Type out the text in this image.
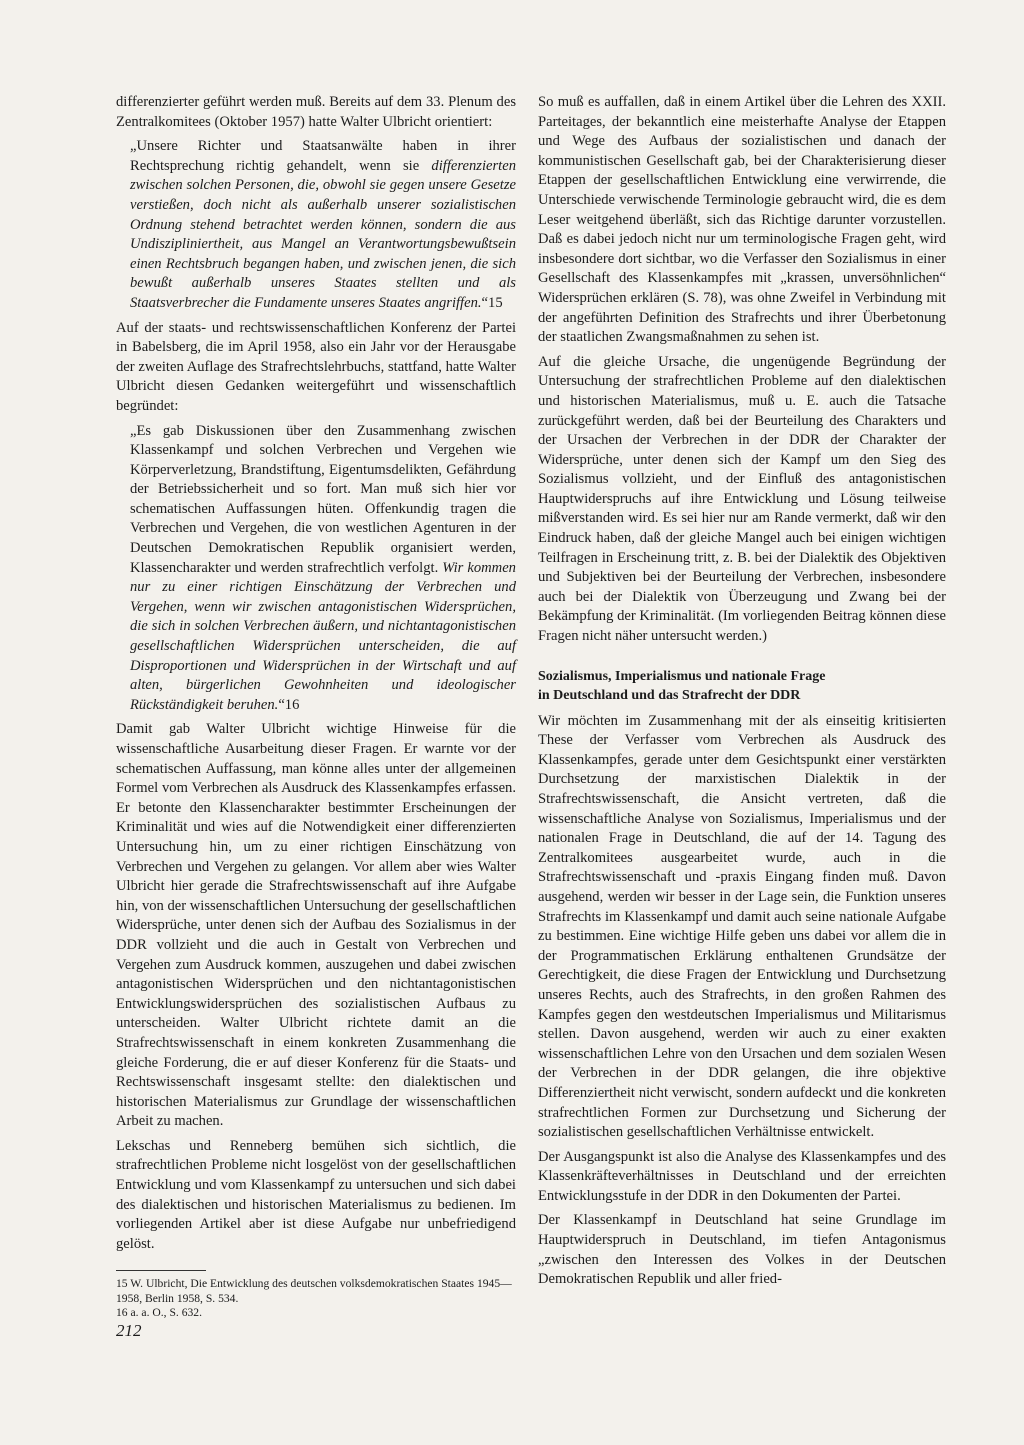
differenzierter geführt werden muß. Bereits auf dem 33. Plenum des Zentralkomitees (Oktober 1957) hatte Walter Ulbricht orientiert:

„Unsere Richter und Staatsanwälte haben in ihrer Rechtsprechung richtig gehandelt, wenn sie differenzierten zwischen solchen Personen, die, obwohl sie gegen unsere Gesetze verstießen, doch nicht als außerhalb unserer sozialistischen Ordnung stehend betrachtet werden können, sondern die aus Undiszipliniertheit, aus Mangel an Verantwortungsbewußtsein einen Rechtsbruch begangen haben, und zwischen jenen, die sich bewußt außerhalb unseres Staates stellten und als Staatsverbrecher die Fundamente unseres Staates angriffen.“15

Auf der staats- und rechtswissenschaftlichen Konferenz der Partei in Babelsberg, die im April 1958, also ein Jahr vor der Herausgabe der zweiten Auflage des Strafrechtslehrbuchs, stattfand, hatte Walter Ulbricht diesen Gedanken weitergeführt und wissenschaftlich begründet:

„Es gab Diskussionen über den Zusammenhang zwischen Klassenkampf und solchen Verbrechen und Vergehen wie Körperverletzung, Brandstiftung, Eigentumsdelikten, Gefährdung der Betriebssicherheit und so fort. Man muß sich hier vor schematischen Auffassungen hüten. Offenkundig tragen die Verbrechen und Vergehen, die von westlichen Agenturen in der Deutschen Demokratischen Republik organisiert werden, Klassencharakter und werden strafrechtlich verfolgt. Wir kommen nur zu einer richtigen Einschätzung der Verbrechen und Vergehen, wenn wir zwischen antagonistischen Widersprüchen, die sich in solchen Verbrechen äußern, und nichtantagonistischen gesellschaftlichen Widersprüchen unterscheiden, die auf Disproportionen und Widersprüchen in der Wirtschaft und auf alten, bürgerlichen Gewohnheiten und ideologischer Rückständigkeit beruhen.“16

Damit gab Walter Ulbricht wichtige Hinweise für die wissenschaftliche Ausarbeitung dieser Fragen. Er warnte vor der schematischen Auffassung, man könne alles unter der allgemeinen Formel vom Verbrechen als Ausdruck des Klassenkampfes erfassen. Er betonte den Klassencharakter bestimmter Erscheinungen der Kriminalität und wies auf die Notwendigkeit einer differenzierten Untersuchung hin, um zu einer richtigen Einschätzung von Verbrechen und Vergehen zu gelangen. Vor allem aber wies Walter Ulbricht hier gerade die Strafrechtswissenschaft auf ihre Aufgabe hin, von der wissenschaftlichen Untersuchung der gesellschaftlichen Widersprüche, unter denen sich der Aufbau des Sozialismus in der DDR vollzieht und die auch in Gestalt von Verbrechen und Vergehen zum Ausdruck kommen, auszugehen und dabei zwischen antagonistischen Widersprüchen und den nichtantagonistischen Entwicklungswidersprüchen des sozialistischen Aufbaus zu unterscheiden. Walter Ulbricht richtete damit an die Strafrechtswissenschaft in einem konkreten Zusammenhang die gleiche Forderung, die er auf dieser Konferenz für die Staats- und Rechtswissenschaft insgesamt stellte: den dialektischen und historischen Materialismus zur Grundlage der wissenschaftlichen Arbeit zu machen.

Lekschas und Renneberg bemühen sich sichtlich, die strafrechtlichen Probleme nicht losgelöst von der gesellschaftlichen Entwicklung und vom Klassenkampf zu untersuchen und sich dabei des dialektischen und historischen Materialismus zu bedienen. Im vorliegenden Artikel aber ist diese Aufgabe nur unbefriedigend gelöst.

15 W. Ulbricht, Die Entwicklung des deutschen volksdemokratischen Staates 1945—1958, Berlin 1958, S. 534.

16 a. a. O., S. 632.

So muß es auffallen, daß in einem Artikel über die Lehren des XXII. Parteitages, der bekanntlich eine meisterhafte Analyse der Etappen und Wege des Aufbaus der sozialistischen und danach der kommunistischen Gesellschaft gab, bei der Charakterisierung dieser Etappen der gesellschaftlichen Entwicklung eine verwirrende, die Unterschiede verwischende Terminologie gebraucht wird, die es dem Leser weitgehend überläßt, sich das Richtige darunter vorzustellen. Daß es dabei jedoch nicht nur um terminologische Fragen geht, wird insbesondere dort sichtbar, wo die Verfasser den Sozialismus in einer Gesellschaft des Klassenkampfes mit „krassen, unversöhnlichen“ Widersprüchen erklären (S. 78), was ohne Zweifel in Verbindung mit der angeführten Definition des Strafrechts und ihrer Überbetonung der staatlichen Zwangsmaßnahmen zu sehen ist.

Auf die gleiche Ursache, die ungenügende Begründung der Untersuchung der strafrechtlichen Probleme auf den dialektischen und historischen Materialismus, muß u. E. auch die Tatsache zurückgeführt werden, daß bei der Beurteilung des Charakters und der Ursachen der Verbrechen in der DDR der Charakter der Widersprüche, unter denen sich der Kampf um den Sieg des Sozialismus vollzieht, und der Einfluß des antagonistischen Hauptwiderspruchs auf ihre Entwicklung und Lösung teilweise mißverstanden wird. Es sei hier nur am Rande vermerkt, daß wir den Eindruck haben, daß der gleiche Mangel auch bei einigen wichtigen Teilfragen in Erscheinung tritt, z. B. bei der Dialektik des Objektiven und Subjektiven bei der Beurteilung der Verbrechen, insbesondere auch bei der Dialektik von Überzeugung und Zwang bei der Bekämpfung der Kriminalität. (Im vorliegenden Beitrag können diese Fragen nicht näher untersucht werden.)

Sozialismus, Imperialismus und nationale Frage
in Deutschland und das Strafrecht der DDR

Wir möchten im Zusammenhang mit der als einseitig kritisierten These der Verfasser vom Verbrechen als Ausdruck des Klassenkampfes, gerade unter dem Gesichtspunkt einer verstärkten Durchsetzung der marxistischen Dialektik in der Strafrechtswissenschaft, die Ansicht vertreten, daß die wissenschaftliche Analyse von Sozialismus, Imperialismus und der nationalen Frage in Deutschland, die auf der 14. Tagung des Zentralkomitees ausgearbeitet wurde, auch in die Strafrechtswissenschaft und -praxis Eingang finden muß. Davon ausgehend, werden wir besser in der Lage sein, die Funktion unseres Strafrechts im Klassenkampf und damit auch seine nationale Aufgabe zu bestimmen. Eine wichtige Hilfe geben uns dabei vor allem die in der Programmatischen Erklärung enthaltenen Grundsätze der Gerechtigkeit, die diese Fragen der Entwicklung und Durchsetzung unseres Rechts, auch des Strafrechts, in den großen Rahmen des Kampfes gegen den westdeutschen Imperialismus und Militarismus stellen. Davon ausgehend, werden wir auch zu einer exakten wissenschaftlichen Lehre von den Ursachen und dem sozialen Wesen der Verbrechen in der DDR gelangen, die ihre objektive Differenziertheit nicht verwischt, sondern aufdeckt und die konkreten strafrechtlichen Formen zur Durchsetzung und Sicherung der sozialistischen gesellschaftlichen Verhältnisse entwickelt.

Der Ausgangspunkt ist also die Analyse des Klassenkampfes und des Klassenkräfteverhältnisses in Deutschland und der erreichten Entwicklungsstufe in der DDR in den Dokumenten der Partei.

Der Klassenkampf in Deutschland hat seine Grundlage im Hauptwiderspruch in Deutschland, im tiefen Antagonismus „zwischen den Interessen des Volkes in der Deutschen Demokratischen Republik und aller fried-

212
